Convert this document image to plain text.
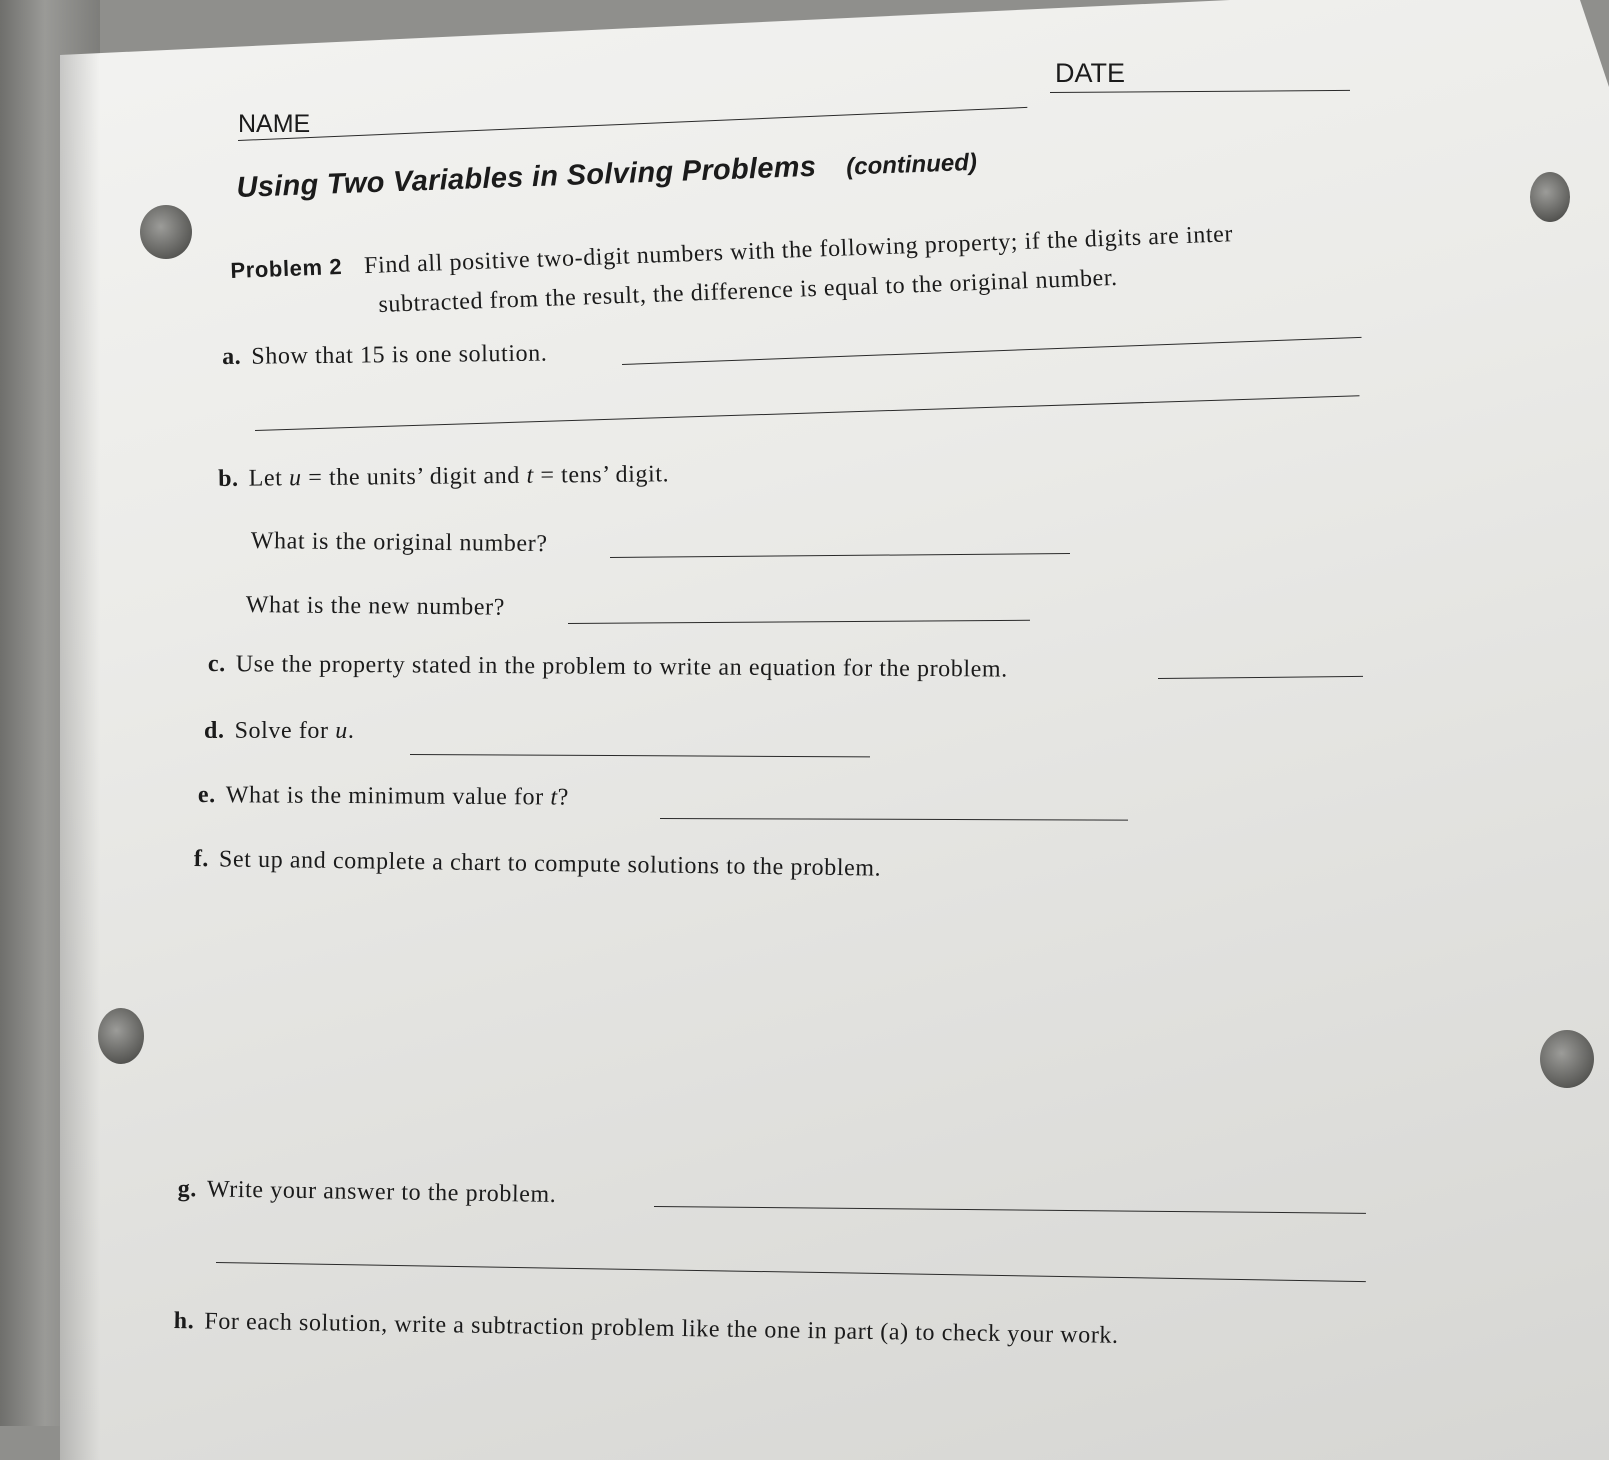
DATE
NAME
Using Two Variables in Solving Problems (continued)
Problem 2 Find all positive two-digit numbers with the following property; if the digits are inter
subtracted from the result, the difference is equal to the original number.
a. Show that 15 is one solution.
b. Let u = the units’ digit and t = tens’ digit.
What is the original number?
What is the new number?
c. Use the property stated in the problem to write an equation for the problem.
d. Solve for u.
e. What is the minimum value for t?
f. Set up and complete a chart to compute solutions to the problem.
g. Write your answer to the problem.
h. For each solution, write a subtraction problem like the one in part (a) to check your work.
